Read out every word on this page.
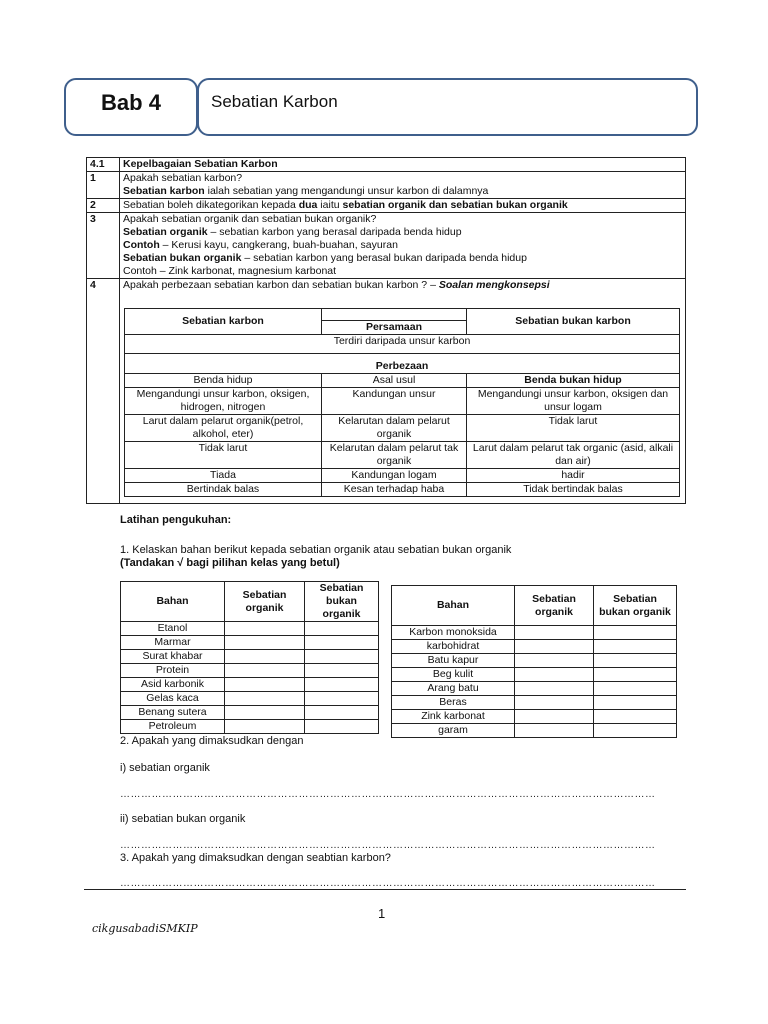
Bab 4	Sebatian Karbon
4.1	Kepelbagaian Sebatian Karbon
1	Apakah sebatian karbon?
Sebatian karbon ialah sebatian yang mengandungi unsur karbon di dalamnya

2	Sebatian boleh dikategorikan kepada dua iaitu sebatian organik dan sebatian bukan organik
3	Apakah sebatian organik dan sebatian bukan organik?
Sebatian organik – sebatian karbon yang berasal daripada benda hidup
Contoh – Kerusi kayu, cangkerang, buah-buahan, sayuran
Sebatian bukan organik – sebatian karbon yang berasal bukan daripada benda hidup
Contoh – Zink karbonat, magnesium karbonat

4	Apakah perbezaan sebatian karbon dan sebatian bukan karbon ? – Soalan mengkonsepsi
Sebatian karbon		Sebatian bukan karbon
Persamaan
Terdiri daripada unsur karbon
Perbezaan
Benda hidup	Asal usul	Benda bukan hidup
Mengandungi unsur karbon, oksigen, hidrogen, nitrogen	Kandungan unsur	Mengandungi unsur karbon, oksigen dan unsur logam
Larut dalam pelarut organik(petrol, alkohol, eter)	Kelarutan dalam pelarut organik	Tidak larut
Tidak larut	Kelarutan dalam pelarut tak organik	Larut dalam pelarut tak organic (asid, alkali dan air)
Tiada	Kandungan logam	hadir
Bertindak balas	Kesan terhadap haba	Tidak bertindak balas
Latihan pengukuhan:
1. Kelaskan bahan berikut kepada sebatian organik atau sebatian bukan organik
(Tandakan √ bagi pilihan kelas yang betul)
Bahan	Sebatian organik	Sebatian bukan organik
Etanol		
Marmar		
Surat khabar		
Protein		
Asid karbonik		
Gelas kaca		
Benang sutera		
Petroleum		
Bahan	Sebatian organik	Sebatian bukan organik
Karbon monoksida		
karbohidrat		
Batu kapur		
Beg kulit		
Arang batu		
Beras		
Zink karbonat		
garam		
2. Apakah yang dimaksudkan dengan
i) sebatian organik
………………………………………………………………………………………………………………………………………
ii) sebatian bukan organik
………………………………………………………………………………………………………………………………………
3. Apakah yang dimaksudkan dengan seabtian karbon?
………………………………………………………………………………………………………………………………………
1
cikgusabadiSMKIP
